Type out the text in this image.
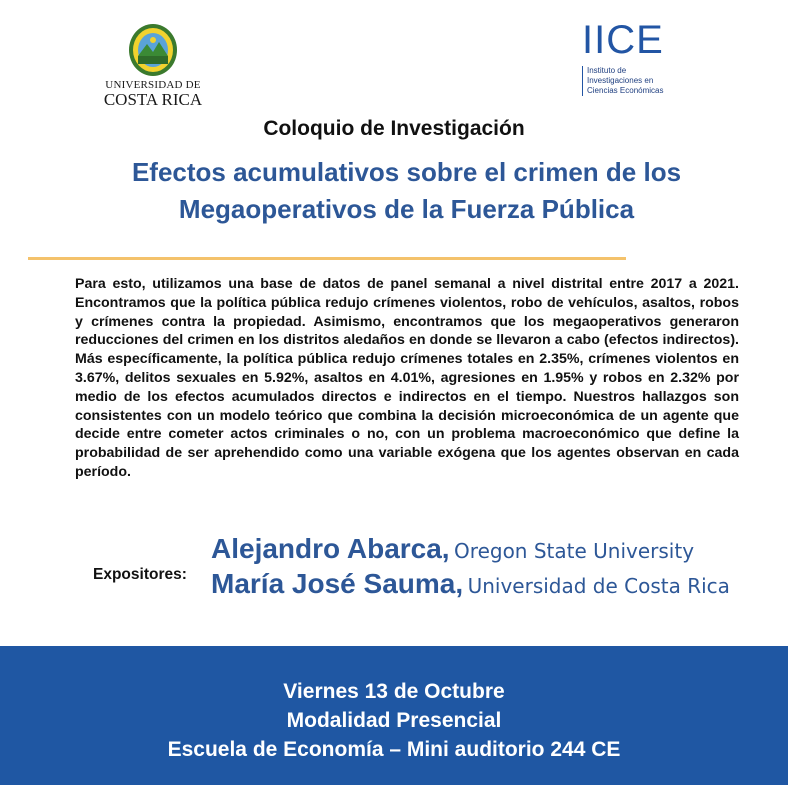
UNIVERSIDAD DE
COSTA RICA
IICE
Instituto de
Investigaciones en
Ciencias Económicas
Coloquio de Investigación
Efectos acumulativos sobre el crimen de los
Megaoperativos de la Fuerza Pública

Para esto, utilizamos una base de datos de panel semanal a nivel distrital entre 2017 a 2021. Encontramos que la política pública redujo crímenes violentos, robo de vehículos, asaltos, robos y crímenes contra la propiedad. Asimismo, encontramos que los megaoperativos generaron reducciones del crimen en los distritos aledaños en donde se llevaron a cabo (efectos indirectos). Más específicamente, la política pública redujo crímenes totales en 2.35%, crímenes violentos en 3.67%, delitos sexuales en 5.92%, asaltos en 4.01%, agresiones en 1.95% y robos en 2.32% por medio de los efectos acumulados directos e indirectos en el tiempo. Nuestros hallazgos son consistentes con un modelo teórico que combina la decisión microeconómica de un agente que decide entre cometer actos criminales o no, con un problema macroeconómico que define la probabilidad de ser aprehendido como una variable exógena que los agentes observan en cada período.

Expositores:
Alejandro Abarca, Oregon State University
María José Sauma, Universidad de Costa Rica
Viernes 13 de Octubre
Modalidad Presencial
Escuela de Economía – Mini auditorio 244 CE
